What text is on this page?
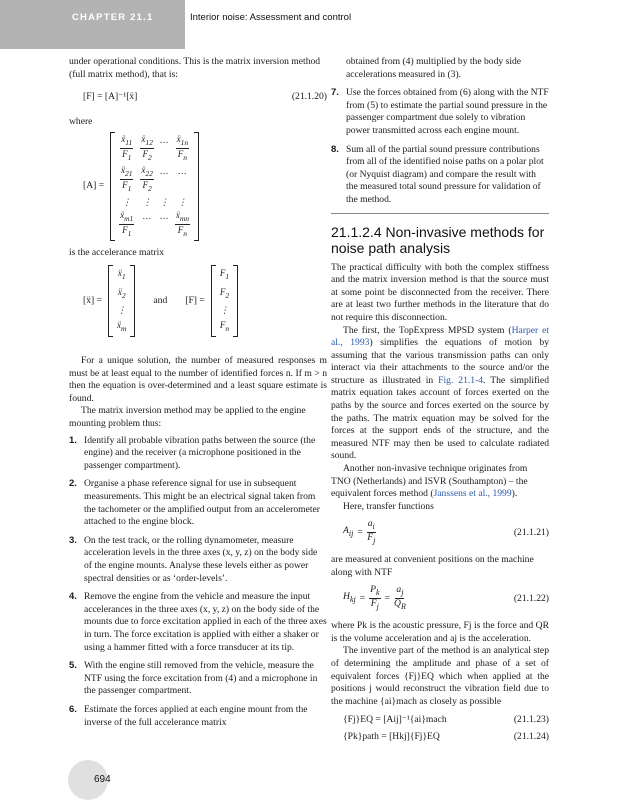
CHAPTER 21.1	Interior noise: Assessment and control

under operational conditions. This is the matrix inversion method (full matrix method), that is:

[F] = [A]⁻¹[ẍ]	(21.1.20)

where

[A] =
$\frac{ẍ_{11}}{F_1} \frac{ẍ_{12}}{F_2}$ … $\frac{ẍ_{1n}}{F_n}$
$\frac{ẍ_{21}}{F_1} \frac{ẍ_{22}}{F_2}$ …	…
⋮	⋮ ⋮	⋮
$\frac{ẍ_{m1}}{F_1}$ …	… $\frac{ẍ_{mn}}{F_n}$

is the accelerance matrix

[ẍ] =
ẍ$_1$
ẍ$_2$
⋮
ẍ$_m$
and [F] =
$F_1$
$F_2$
⋮
$F_n$

For a unique solution, the number of measured responses m must be at least equal to the number of identified forces n. If m > n then the equation is over-determined and a least square estimate is found.

The matrix inversion method may be applied to the engine mounting problem thus:

1. Identify all probable vibration paths between the source (the engine) and the receiver (a microphone positioned in the passenger compartment).
2. Organise a phase reference signal for use in subsequent measurements. This might be an electrical signal taken from the tachometer or the amplified output from an accelerometer attached to the engine block.
3. On the test track, or the rolling dynamometer, measure acceleration levels in the three axes (x, y, z) on the body side of the engine mounts. Analyse these levels either as power spectral densities or as ‘order-levels’.
4. Remove the engine from the vehicle and measure the input accelerances in the three axes (x, y, z) on the body side of the mounts due to force excitation applied in each of the three axes in turn. The force excitation is applied with either a shaker or using a hammer fitted with a force transducer at its tip.
5. With the engine still removed from the vehicle, measure the NTF using the force excitation from (4) and a microphone in the passenger compartment.
6. Estimate the forces applied at each engine mount from the inverse of the full accelerance matrix

obtained from (4) multiplied by the body side accelerations measured in (3).

7. Use the forces obtained from (6) along with the NTF from (5) to estimate the partial sound pressure in the passenger compartment due solely to vibration power transmitted across each engine mount.
8. Sum all of the partial sound pressure contributions from all of the identified noise paths on a polar plot (or Nyquist diagram) and compare the result with the measured total sound pressure for validation of the method.
21.1.2.4 Non-invasive methods for noise path analysis

The practical difficulty with both the complex stiffness and the matrix inversion method is that the source must at some point be disconnected from the receiver. There are at least two further methods in the literature that do not require this disconnection.

The first, the TopExpress MPSD system (Harper et al., 1993) simplifies the equations of motion by assuming that the various transmission paths can only interact via their attachments to the source and/or the structure as illustrated in Fig. 21.1-4. The simplified matrix equation takes account of forces exerted on the paths by the source and forces exerted on the source by the paths. The matrix equation may be solved for the forces at the support ends of the structure, and the measured NTF may then be used to calculate radiated sound.

Another non-invasive technique originates from TNO (Netherlands) and ISVR (Southampton) – the equivalent forces method (Janssens et al., 1999).

Here, transfer functions

$A_{ij} = \frac{a_i}{F_j}$	(21.1.21)

are measured at convenient positions on the machine along with NTF

$H_{kj} = \frac{P_k}{F_j} = \frac{a_j}{Q_R}$	(21.1.22)

where Pk is the acoustic pressure, Fj is the force and QR is the volume acceleration and aj is the acceleration.

The inventive part of the method is an analytical step of determining the amplitude and phase of a set of equivalent forces {Fj}EQ which when applied at the positions j would reconstruct the vibration field due to the machine {ai}mach as closely as possible

{Fj}EQ = [Aij]⁻¹{ai}mach	(21.1.23)
{Pk}path = [Hkj]{Fj}EQ	(21.1.24)
694
